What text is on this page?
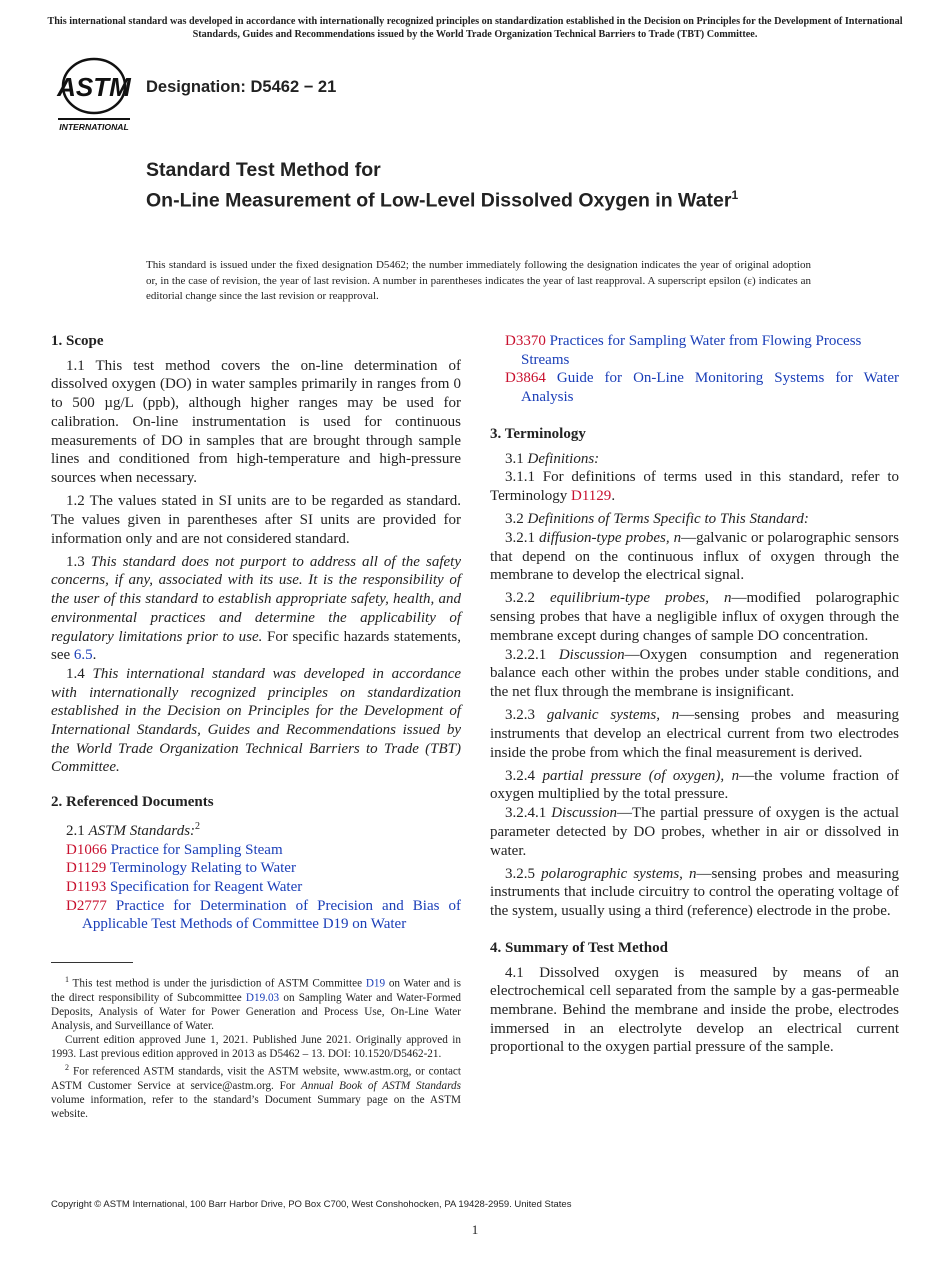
This international standard was developed in accordance with internationally recognized principles on standardization established in the Decision on Principles for the Development of International Standards, Guides and Recommendations issued by the World Trade Organization Technical Barriers to Trade (TBT) Committee.
ASTM
INTERNATIONAL
Designation: D5462 − 21
Standard Test Method for
On-Line Measurement of Low-Level Dissolved Oxygen in Water$^1$
This standard is issued under the fixed designation D5462; the number immediately following the designation indicates the year of original adoption or, in the case of revision, the year of last revision. A number in parentheses indicates the year of last reapproval. A superscript epsilon (ε) indicates an editorial change since the last revision or reapproval.
1. Scope

1.1 This test method covers the on-line determination of dissolved oxygen (DO) in water samples primarily in ranges from 0 to 500 µg/L (ppb), although higher ranges may be used for calibration. On-line instrumentation is used for continuous measurements of DO in samples that are brought through sample lines and conditioned from high-temperature and high-pressure sources when necessary.

1.2 The values stated in SI units are to be regarded as standard. The values given in parentheses after SI units are provided for information only and are not considered standard.

1.3 This standard does not purport to address all of the safety concerns, if any, associated with its use. It is the responsibility of the user of this standard to establish appropriate safety, health, and environmental practices and determine the applicability of regulatory limitations prior to use. For specific hazards statements, see 6.5.

1.4 This international standard was developed in accordance with internationally recognized principles on standardization established in the Decision on Principles for the Development of International Standards, Guides and Recommendations issued by the World Trade Organization Technical Barriers to Trade (TBT) Committee.

2. Referenced Documents

2.1 ASTM Standards:$^2$

D1066 Practice for Sampling Steam

D1129 Terminology Relating to Water

D1193 Specification for Reagent Water

D2777 Practice for Determination of Precision and Bias of Applicable Test Methods of Committee D19 on Water

$^1$ This test method is under the jurisdiction of ASTM Committee D19 on Water and is the direct responsibility of Subcommittee D19.03 on Sampling Water and Water-Formed Deposits, Analysis of Water for Power Generation and Process Use, On-Line Water Analysis, and Surveillance of Water.

Current edition approved June 1, 2021. Published June 2021. Originally approved in 1993. Last previous edition approved in 2013 as D5462 – 13. DOI: 10.1520/D5462-21.

$^2$ For referenced ASTM standards, visit the ASTM website, www.astm.org, or contact ASTM Customer Service at service@astm.org. For Annual Book of ASTM Standards volume information, refer to the standard’s Document Summary page on the ASTM website.

D3370 Practices for Sampling Water from Flowing Process Streams

D3864 Guide for On-Line Monitoring Systems for Water Analysis

3. Terminology

3.1 Definitions:

3.1.1 For definitions of terms used in this standard, refer to Terminology D1129.

3.2 Definitions of Terms Specific to This Standard:

3.2.1 diffusion-type probes, n—galvanic or polarographic sensors that depend on the continuous influx of oxygen through the membrane to develop the electrical signal.

3.2.2 equilibrium-type probes, n—modified polarographic sensing probes that have a negligible influx of oxygen through the membrane except during changes of sample DO concentration.

3.2.2.1 Discussion—Oxygen consumption and regeneration balance each other within the probes under stable conditions, and the net flux through the membrane is insignificant.

3.2.3 galvanic systems, n—sensing probes and measuring instruments that develop an electrical current from two electrodes inside the probe from which the final measurement is derived.

3.2.4 partial pressure (of oxygen), n—the volume fraction of oxygen multiplied by the total pressure.

3.2.4.1 Discussion—The partial pressure of oxygen is the actual parameter detected by DO probes, whether in air or dissolved in water.

3.2.5 polarographic systems, n—sensing probes and measuring instruments that include circuitry to control the operating voltage of the system, usually using a third (reference) electrode in the probe.

4. Summary of Test Method

4.1 Dissolved oxygen is measured by means of an electrochemical cell separated from the sample by a gas-permeable membrane. Behind the membrane and inside the probe, electrodes immersed in an electrolyte develop an electrical current proportional to the oxygen partial pressure of the sample.

Copyright © ASTM International, 100 Barr Harbor Drive, PO Box C700, West Conshohocken, PA 19428-2959. United States
1
